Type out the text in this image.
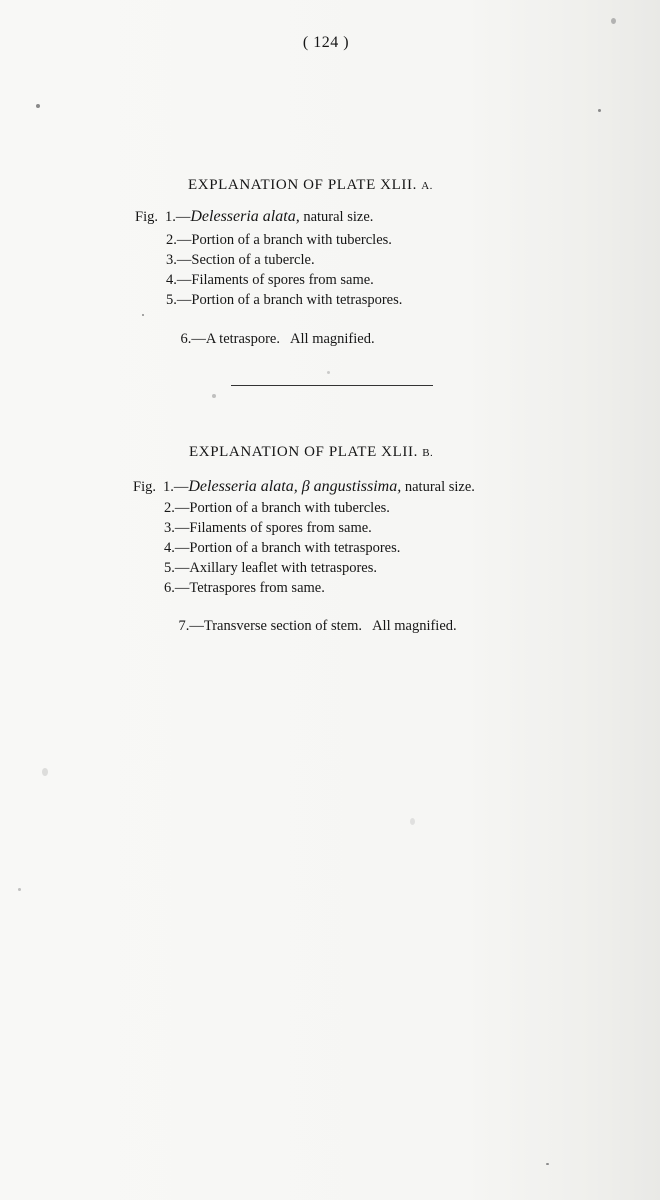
( 124 )
EXPLANATION OF PLATE XLII. A.
Fig. 1.—Delesseria alata, natural size.
2.—Portion of a branch with tubercles.
3.—Section of a tubercle.
4.—Filaments of spores from same.
5.—Portion of a branch with tetraspores.

6.—A tetraspore.   All magnified.

EXPLANATION OF PLATE XLII. B.
Fig. 1.—Delesseria alata, β angustissima, natural size.
2.—Portion of a branch with tubercles.
3.—Filaments of spores from same.
4.—Portion of a branch with tetraspores.
5.—Axillary leaflet with tetraspores.
6.—Tetraspores from same.

7.—Transverse section of stem.   All magnified.
